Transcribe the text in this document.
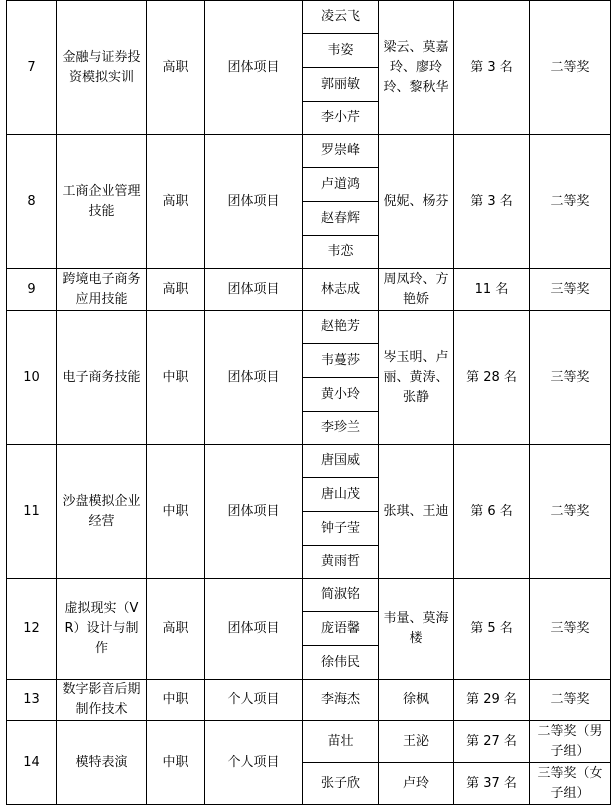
7	金融与证券投资模拟实训	高职	团体项目	凌云飞	梁云、莫嘉玲、廖玲玲、黎秋华	第 3 名	二等奖
				韦姿			
				郭丽敏			
				李小芹			
8	工商企业管理技能	高职	团体项目	罗崇峰	倪妮、杨芬	第 3 名	二等奖
				卢道鸿			
				赵春辉			
				韦恋			
9	跨境电子商务应用技能	高职	团体项目	林志成	周凤玲、方艳娇	11 名	三等奖
10	电子商务技能	中职	团体项目	赵艳芳	岑玉明、卢丽、黄涛、张静	第 28 名	三等奖
				韦蔓莎			
				黄小玲			
				李珍兰			
11	沙盘模拟企业经营	中职	团体项目	唐国威	张琪、王迪	第 6 名	二等奖
				唐山茂			
				钟子莹			
				黄雨哲			
12	虚拟现实（VR）设计与制作	高职	团体项目	简淑铭	韦量、莫海楼	第 5 名	三等奖
				庞语馨			
				徐伟民			
13	数字影音后期制作技术	中职	个人项目	李海杰	徐枫	第 29 名	二等奖
14	模特表演	中职	个人项目	苗壮	王泌	第 27 名	二等奖（男子组）
				张子欣	卢玲	第 37 名	三等奖（女子组）
